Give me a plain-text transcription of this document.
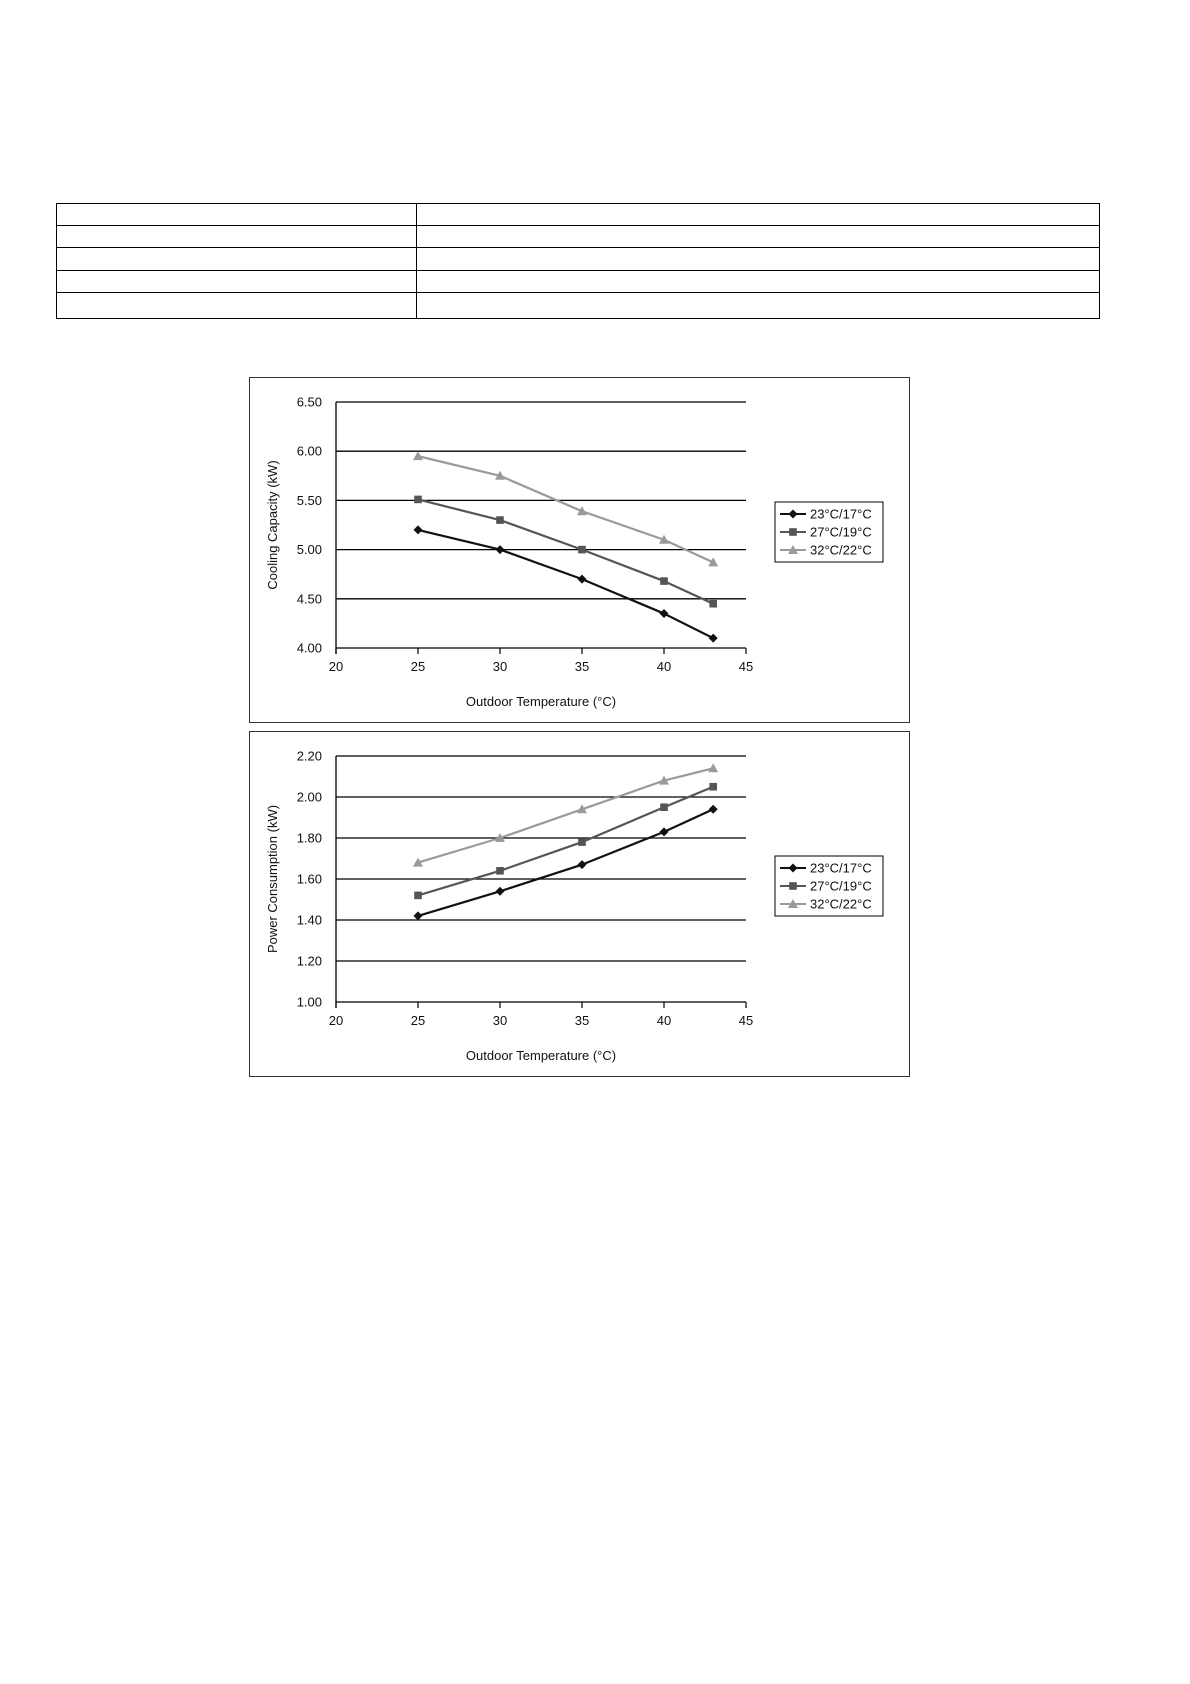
4.00
4.50
5.00
5.50
6.00
6.50
20	25	30	35	40	45
Outdoor Temperature (°C)
Cooling Capacity (kW)	23°C/17°C
27°C/19°C
32°C/22°C
1.00
1.20
1.40
1.60
1.80
2.00
2.20
20	25	30	35	40	45
Outdoor Temperature (°C)
Power Consumption (kW)	23°C/17°C
27°C/19°C
32°C/22°C
